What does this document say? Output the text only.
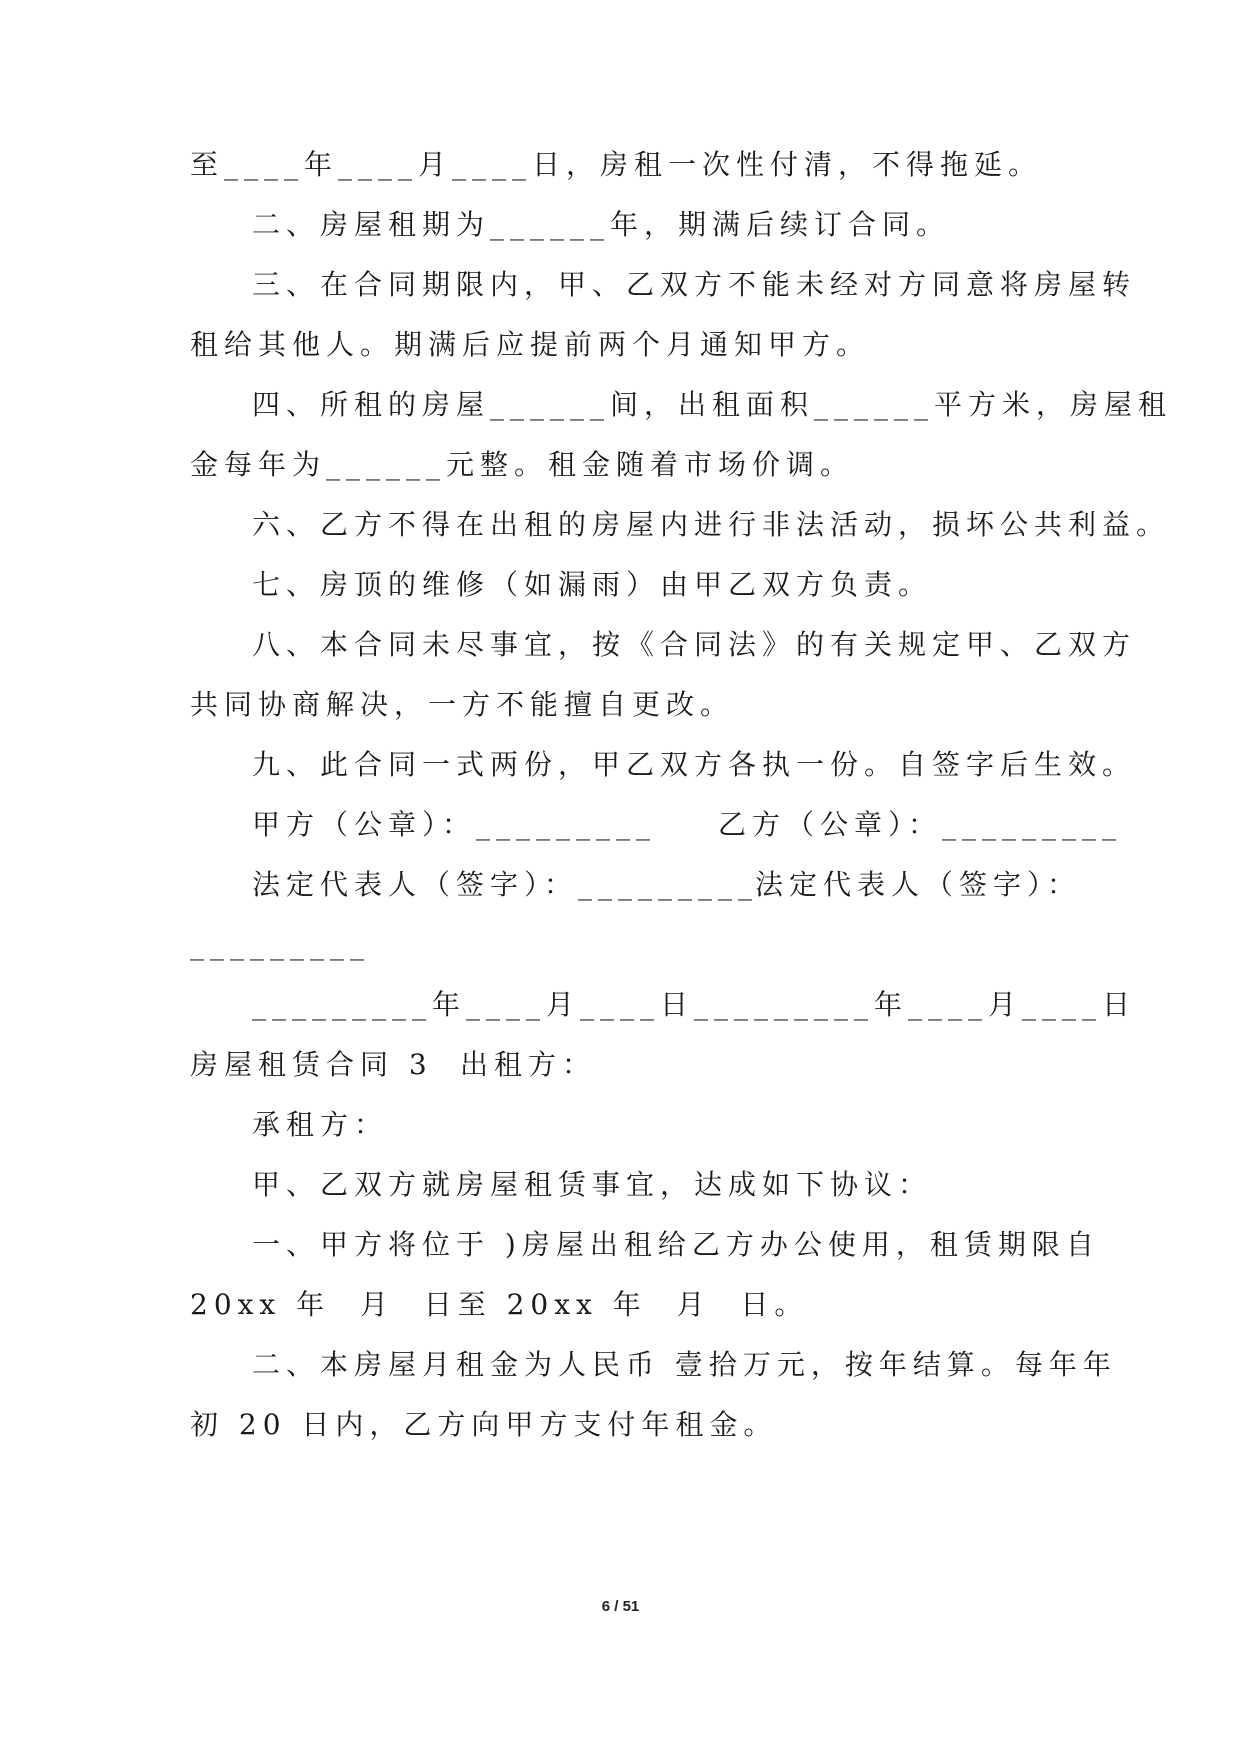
至____年____月____日，房租一次性付清，不得拖延。
二、房屋租期为______年，期满后续订合同。
三、在合同期限内，甲、乙双方不能未经对方同意将房屋转
租给其他人。期满后应提前两个月通知甲方。
四、所租的房屋______间，出租面积______平方米，房屋租
金每年为______元整。租金随着市场价调。
六、乙方不得在出租的房屋内进行非法活动，损坏公共利益。
七、房顶的维修（如漏雨）由甲乙双方负责。
八、本合同未尽事宜，按《合同法》的有关规定甲、乙双方
共同协商解决，一方不能擅自更改。
九、此合同一式两份，甲乙双方各执一份。自签字后生效。
甲方（公章）：_________ 乙方（公章）：_________
法定代表人（签字）：_________
法定代表人（签字）：
_________
_________年____月____日_________年____月____日
房屋租赁合同 3 出租方：
承租方：
甲、乙双方就房屋租赁事宜，达成如下协议：
一、甲方将位于 )房屋出租给乙方办公使用，租赁期限自
20xx 年  月  日至 20xx 年  月  日。
二、本房屋月租金为人民币 壹拾万元，按年结算。每年年
初 20 日内，乙方向甲方支付年租金。
6 / 51
